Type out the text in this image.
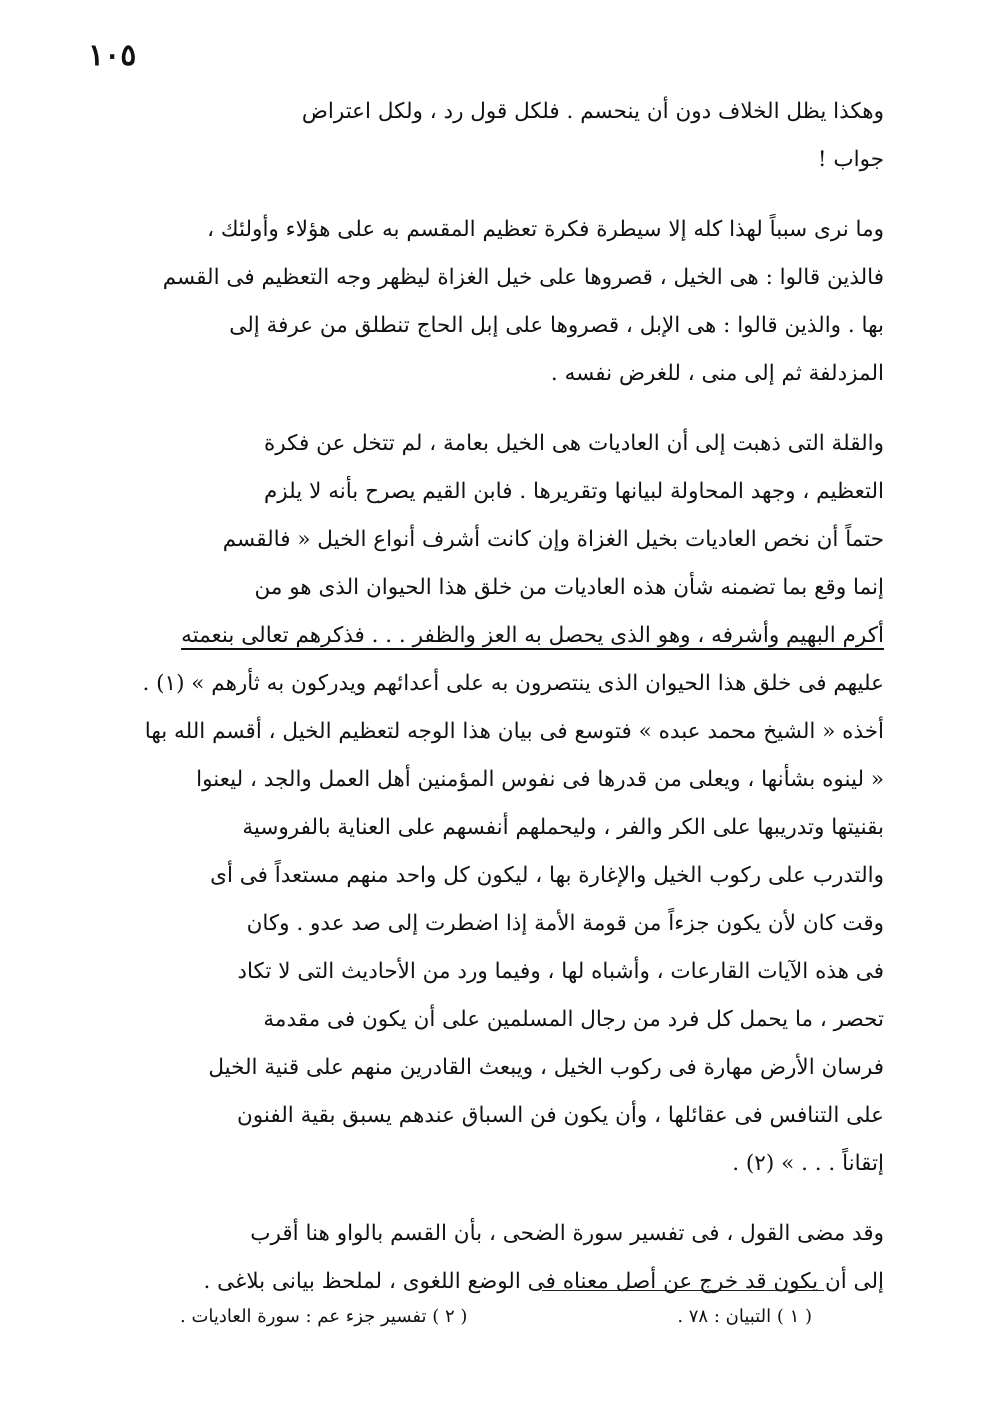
١٠٥

وهكذا يظل الخلاف دون أن ينحسم . فلكل قول رد ، ولكل اعتراض
جواب !

وما نرى سبباً لهذا كله إلا سيطرة فكرة تعظيم المقسم به على هؤلاء وأولئك ،
فالذين قالوا : هى الخيل ، قصروها على خيل الغزاة ليظهر وجه التعظيم فى القسم
بها . والذين قالوا : هى الإبل ، قصروها على إبل الحاج تنطلق من عرفة إلى
المزدلفة ثم إلى منى ، للغرض نفسه .

والقلة التى ذهبت إلى أن العاديات هى الخيل بعامة ، لم تتخل عن فكرة
التعظيم ، وجهد المحاولة لبيانها وتقريرها . فابن القيم يصرح بأنه لا يلزم
حتماً أن نخص العاديات بخيل الغزاة وإن كانت أشرف أنواع الخيل « فالقسم
إنما وقع بما تضمنه شأن هذه العاديات من خلق هذا الحيوان الذى هو من
أكرم البهيم وأشرفه ، وهو الذى يحصل به العز والظفر . . . فذكرهم تعالى بنعمته
عليهم فى خلق هذا الحيوان الذى ينتصرون به على أعدائهم ويدركون به ثأرهم » (١) .
أخذه « الشيخ محمد عبده » فتوسع فى بيان هذا الوجه لتعظيم الخيل ، أقسم الله بها
« لينوه بشأنها ، ويعلى من قدرها فى نفوس المؤمنين أهل العمل والجد ، ليعنوا
بقنيتها وتدريبها على الكر والفر ، وليحملهم أنفسهم على العناية بالفروسية
والتدرب على ركوب الخيل والإغارة بها ، ليكون كل واحد منهم مستعداً فى أى
وقت كان لأن يكون جزءاً من قومة الأمة إذا اضطرت إلى صد عدو . وكان
فى هذه الآيات القارعات ، وأشباه لها ، وفيما ورد من الأحاديث التى لا تكاد
تحصر ، ما يحمل كل فرد من رجال المسلمين على أن يكون فى مقدمة
فرسان الأرض مهارة فى ركوب الخيل ، ويبعث القادرين منهم على قنية الخيل
على التنافس فى عقائلها ، وأن يكون فن السباق عندهم يسبق بقية الفنون
إتقاناً . . . » (٢) .

وقد مضى القول ، فى تفسير سورة الضحى ، بأن القسم بالواو هنا أقرب
إلى أن يكون قد خرج عن أصل معناه فى الوضع اللغوى ، لملحظ بيانى بلاغى .

( ١ ) التبيان : ٧٨ .
( ٢ ) تفسير جزء عم : سورة العاديات .
